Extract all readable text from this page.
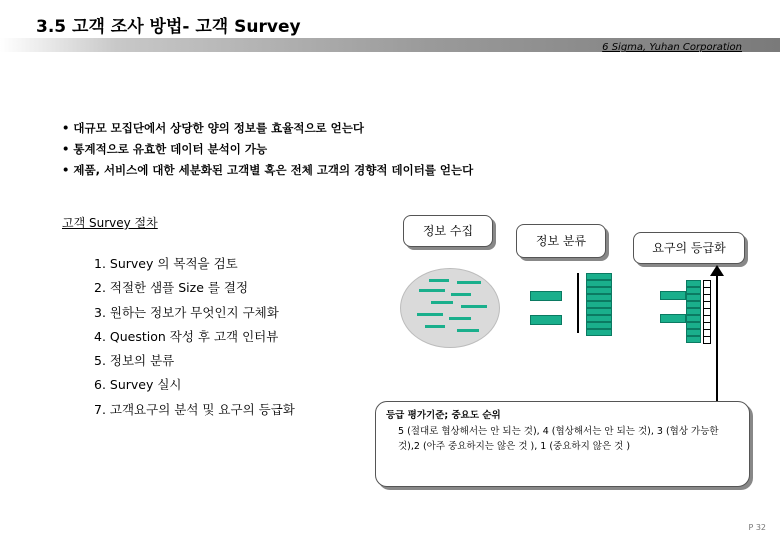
3.5 고객 조사 방법- 고객 Survey
6 Sigma, Yuhan Corporation
• 대규모 모집단에서 상당한 양의 정보를 효율적으로 얻는다
• 통계적으로 유효한 데이터 분석이 가능
• 제품, 서비스에 대한 세분화된 고객별 혹은 전체 고객의 경향적 데이터를 얻는다
고객 Survey 절차
1. Survey 의 목적을 검토
2. 적절한 샘플 Size 를 결정
3. 원하는 정보가 무엇인지 구체화
4. Question 작성 후 고객 인터뷰
5. 정보의 분류
6. Survey 실시
7. 고객요구의 분석 및 요구의 등급화
정보 수집
정보 분류	요구의 등급화
등급 평가기준; 중요도 순위
5 (절대로 협상해서는 안 되는 것), 4 (협상해서는 안 되는 것), 3 (협상 가능한 것),2 (아주 중요하지는 않은 것 ), 1 (중요하지 않은 것 )
P 32
